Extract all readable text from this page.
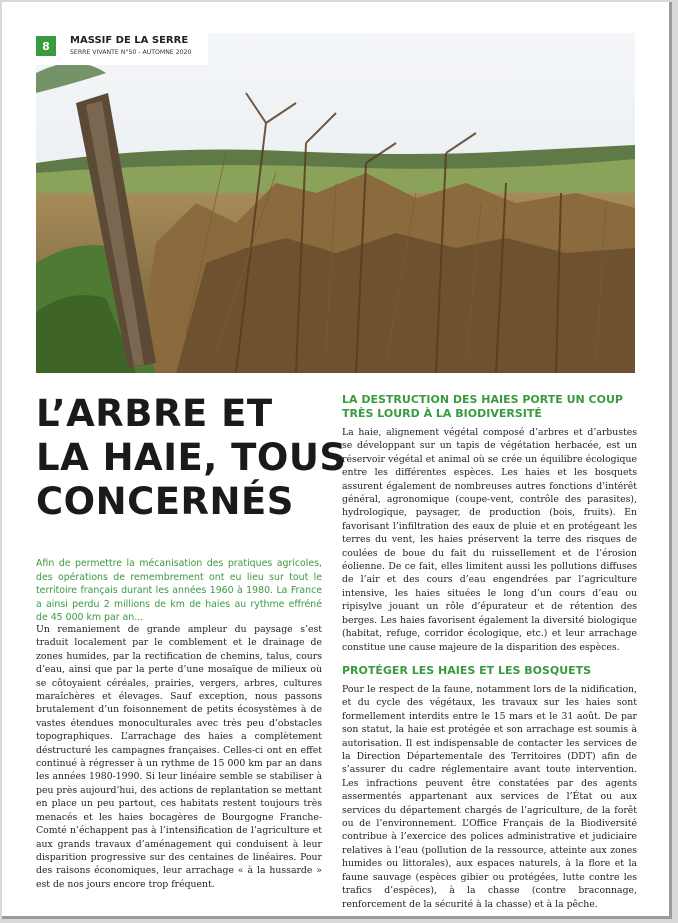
8	MASSIF DE LA SERRE
SERRE VIVANTE N°50 - AUTOMNE 2020
L’ARBRE ET
LA HAIE, TOUS
CONCERNÉS

Afin de permettre la mécanisation des pratiques agricoles, des opérations de remembrement ont eu lieu sur tout le territoire français durant les années 1960 à 1980. La France a ainsi perdu 2 millions de km de haies au rythme effréné de 45 000 km par an...

Un remaniement de grande ampleur du paysage s’est traduit localement par le comblement et le drainage de zones humides, par la rectification de chemins, talus, cours d’eau, ainsi que par la perte d’une mosaïque de milieux où se côtoyaient céréales, prairies, vergers, arbres, cultures maraîchères et élevages. Sauf exception, nous passons brutalement d’un foisonnement de petits écosystèmes à de vastes étendues monoculturales avec très peu d’obstacles topographiques. L’arrachage des haies a complètement déstructuré les campagnes françaises. Celles-ci ont en effet continué à régresser à un rythme de 15 000 km par an dans les années 1980-1990. Si leur linéaire semble se stabiliser à peu près aujourd’hui, des actions de replantation se mettant en place un peu partout, ces habitats restent toujours très menacés et les haies bocagères de Bourgogne Franche-Comté n’échappent pas à l’intensification de l’agriculture et aux grands travaux d’aménagement qui conduisent à leur disparition progressive sur des centaines de linéaires. Pour des raisons économiques, leur arrachage « à la hussarde » est de nos jours encore trop fréquent.

LA DESTRUCTION DES HAIES PORTE UN COUP TRÈS LOURD À LA BIODIVERSITÉ

La haie, alignement végétal composé d’arbres et d’arbustes se développant sur un tapis de végétation herbacée, est un réservoir végétal et animal où se crée un équilibre écologique entre les différentes espèces. Les haies et les bosquets assurent également de nombreuses autres fonctions d’intérêt général, agronomique (coupe-vent, contrôle des parasites), hydrologique, paysager, de production (bois, fruits). En favorisant l’infiltration des eaux de pluie et en protégeant les terres du vent, les haies préservent la terre des risques de coulées de boue du fait du ruissellement et de l’érosion éolienne. De ce fait, elles limitent aussi les pollutions diffuses de l’air et des cours d’eau engendrées par l’agriculture intensive, les haies situées le long d’un cours d’eau ou ripisylve jouant un rôle d’épurateur et de rétention des berges. Les haies favorisent également la diversité biologique (habitat, refuge, corridor écologique, etc.) et leur arrachage constitue une cause majeure de la disparition des espèces.

PROTÉGER LES HAIES ET LES BOSQUETS

Pour le respect de la faune, notamment lors de la nidification, et du cycle des végétaux, les travaux sur les haies sont formellement interdits entre le 15 mars et le 31 août. De par son statut, la haie est protégée et son arrachage est soumis à autorisation. Il est indispensable de contacter les services de la Direction Départementale des Territoires (DDT) afin de s’assurer du cadre réglementaire avant toute intervention. Les infractions peuvent être constatées par des agents assermentés appartenant aux services de l’État ou aux services du département chargés de l’agriculture, de la forêt ou de l’environnement. L’Office Français de la Biodiversité contribue à l’exercice des polices administrative et judiciaire relatives à l’eau (pollution de la ressource, atteinte aux zones humides ou littorales), aux espaces naturels, à la flore et la faune sauvage (espèces gibier ou protégées, lutte contre les trafics d’espèces), à la chasse (contre braconnage, renforcement de la sécurité à la chasse) et à la pêche.
